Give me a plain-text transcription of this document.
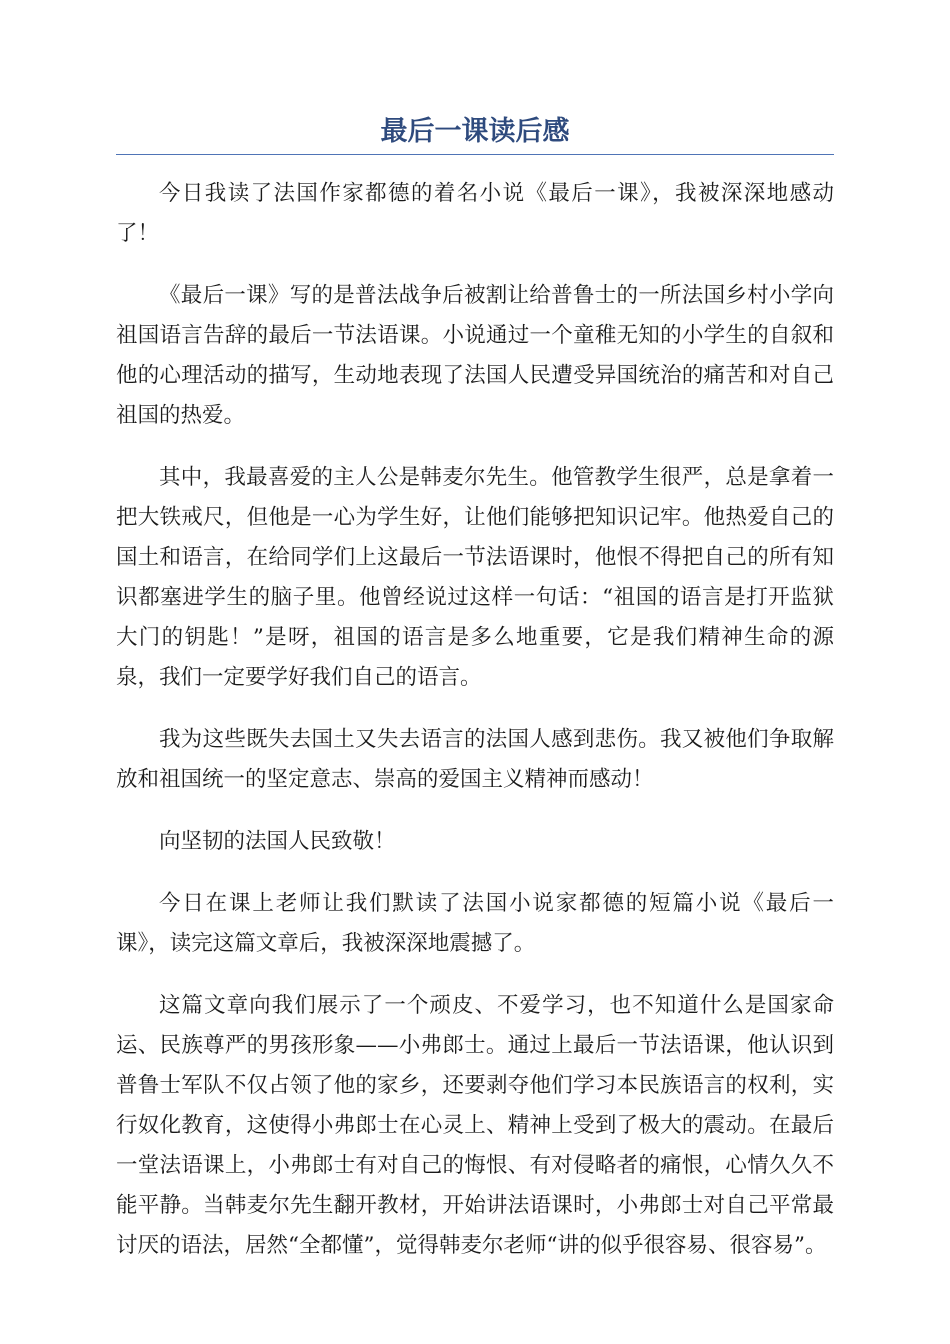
最后一课读后感

今日我读了法国作家都德的着名小说《最后一课》，我被深深地感动了！

《最后一课》写的是普法战争后被割让给普鲁士的一所法国乡村小学向祖国语言告辞的最后一节法语课。小说通过一个童稚无知的小学生的自叙和他的心理活动的描写，生动地表现了法国人民遭受异国统治的痛苦和对自己祖国的热爱。

其中，我最喜爱的主人公是韩麦尔先生。他管教学生很严，总是拿着一把大铁戒尺，但他是一心为学生好，让他们能够把知识记牢。他热爱自己的国土和语言，在给同学们上这最后一节法语课时，他恨不得把自己的所有知识都塞进学生的脑子里。他曾经说过这样一句话：“祖国的语言是打开监狱大门的钥匙！”是呀，祖国的语言是多么地重要，它是我们精神生命的源泉，我们一定要学好我们自己的语言。

我为这些既失去国土又失去语言的法国人感到悲伤。我又被他们争取解放和祖国统一的坚定意志、崇高的爱国主义精神而感动！

向坚韧的法国人民致敬！

今日在课上老师让我们默读了法国小说家都德的短篇小说《最后一课》，读完这篇文章后，我被深深地震撼了。

这篇文章向我们展示了一个顽皮、不爱学习，也不知道什么是国家命运、民族尊严的男孩形象——小弗郎士。通过上最后一节法语课，他认识到普鲁士军队不仅占领了他的家乡，还要剥夺他们学习本民族语言的权利，实行奴化教育，这使得小弗郎士在心灵上、精神上受到了极大的震动。在最后一堂法语课上，小弗郎士有对自己的悔恨、有对侵略者的痛恨，心情久久不能平静。当韩麦尔先生翻开教材，开始讲法语课时，小弗郎士对自己平常最讨厌的语法，居然“全都懂”，觉得韩麦尔老师“讲的似乎很容易、很容易”。
